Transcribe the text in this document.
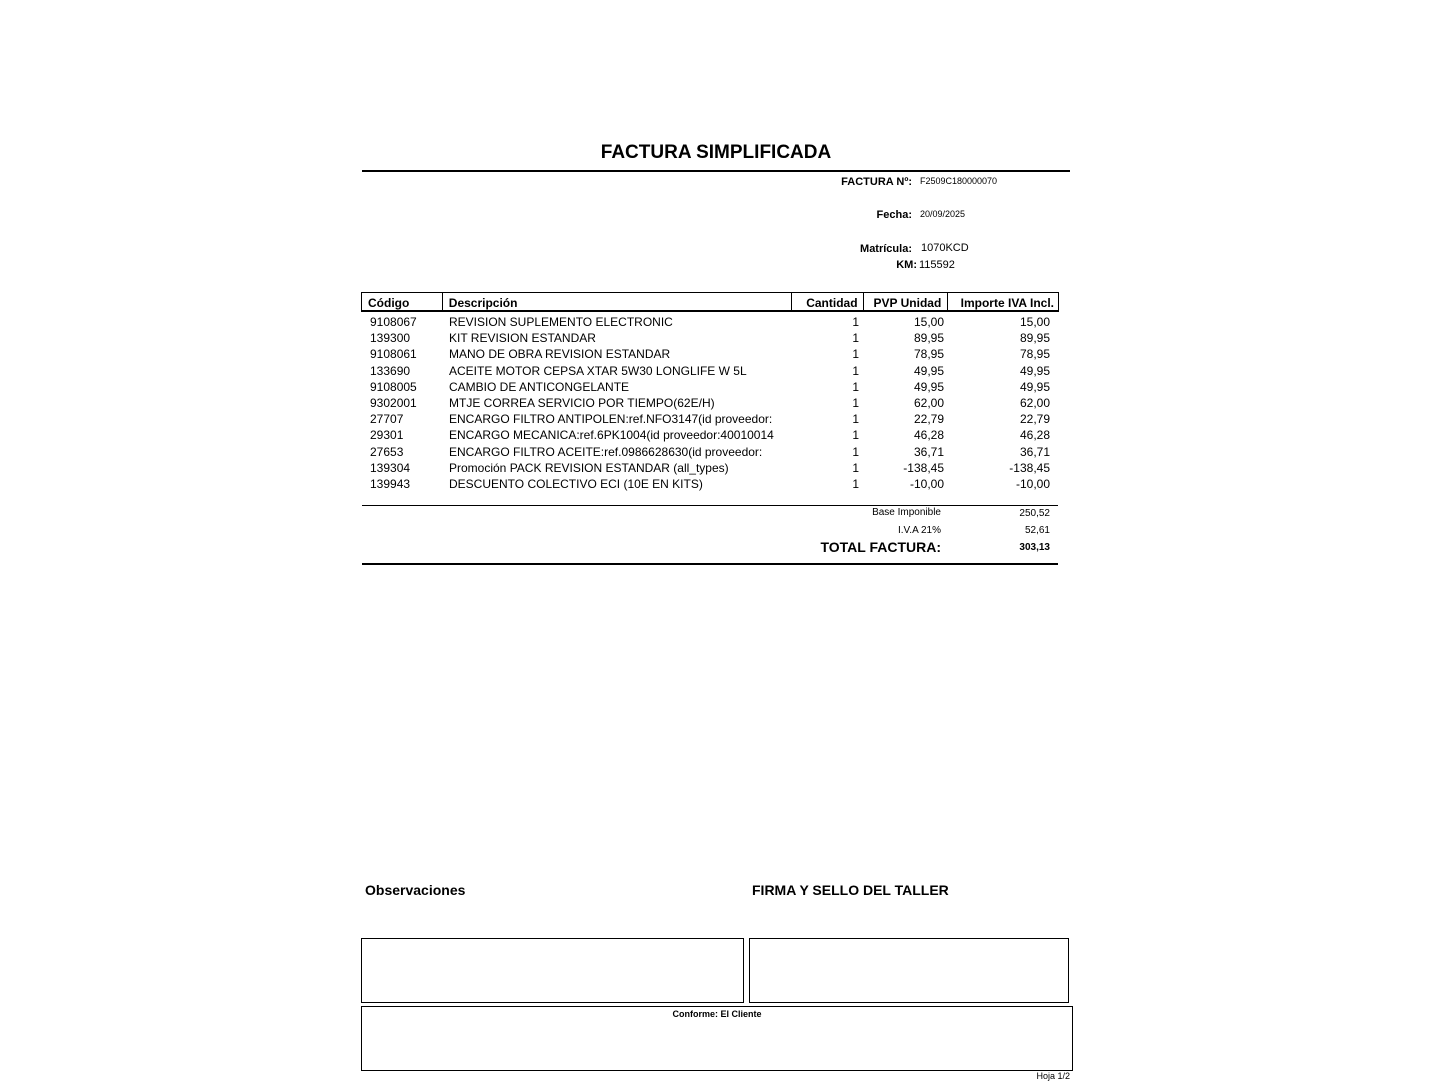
FACTURA SIMPLIFICADA
FACTURA Nº: F2509C180000070
Fecha: 20/09/2025
Matrícula: 1070KCD
KM: 115592
Código	Descripción	Cantidad	PVP Unidad	Importe IVA Incl.
9108067	REVISION SUPLEMENTO ELECTRONIC	1	15,00	15,00
139300	KIT REVISION ESTANDAR	1	89,95	89,95
9108061	MANO DE OBRA REVISION ESTANDAR	1	78,95	78,95
133690	ACEITE MOTOR CEPSA XTAR 5W30 LONGLIFE W 5L	1	49,95	49,95
9108005	CAMBIO DE ANTICONGELANTE	1	49,95	49,95
9302001	MTJE CORREA SERVICIO POR TIEMPO(62E/H)	1	62,00	62,00
27707	ENCARGO FILTRO ANTIPOLEN:ref.NFO3147(id proveedor:	1	22,79	22,79
29301	ENCARGO MECANICA:ref.6PK1004(id proveedor:40010014	1	46,28	46,28
27653	ENCARGO FILTRO ACEITE:ref.0986628630(id proveedor:	1	36,71	36,71
139304	Promoción PACK REVISION ESTANDAR (all_types)	1	-138,45	-138,45
139943	DESCUENTO COLECTIVO ECI (10E EN KITS)	1	-10,00	-10,00
Base Imponible	250,52
I.V.A 21%	52,61
TOTAL FACTURA:	303,13
Observaciones	FIRMA Y SELLO DEL TALLER
Conforme: El Cliente
Hoja 1/2
